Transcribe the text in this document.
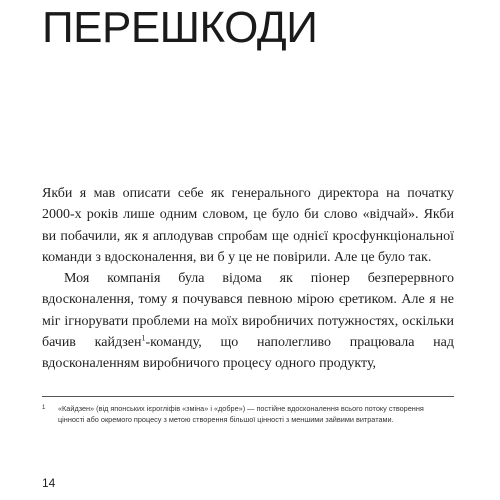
ПЕРЕШКОДИ

Якби я мав описати себе як генерального директора на початку 2000-х років лише одним словом, це було би слово «відчай». Якби ви побачили, як я аплодував спробам ще однієї кросфункціональної команди з вдосконалення, ви б у це не повірили. Але це було так.

Моя компанія була відома як піонер безперервного вдосконалення, тому я почувався певною мірою єретиком. Але я не міг ігнорувати проблеми на моїх виробничих потужностях, оскільки бачив кайдзен$^1$-команду, що наполегливо працювала над вдосконаленням виробничого процесу одного продукту,

1 «Кайдзен» (від японських ієрогліфів «зміна» і «добре») — постійне вдосконалення всього потоку створення цінності або окремого процесу з метою створення більшої цінності з меншими зайвими витратами.

14
